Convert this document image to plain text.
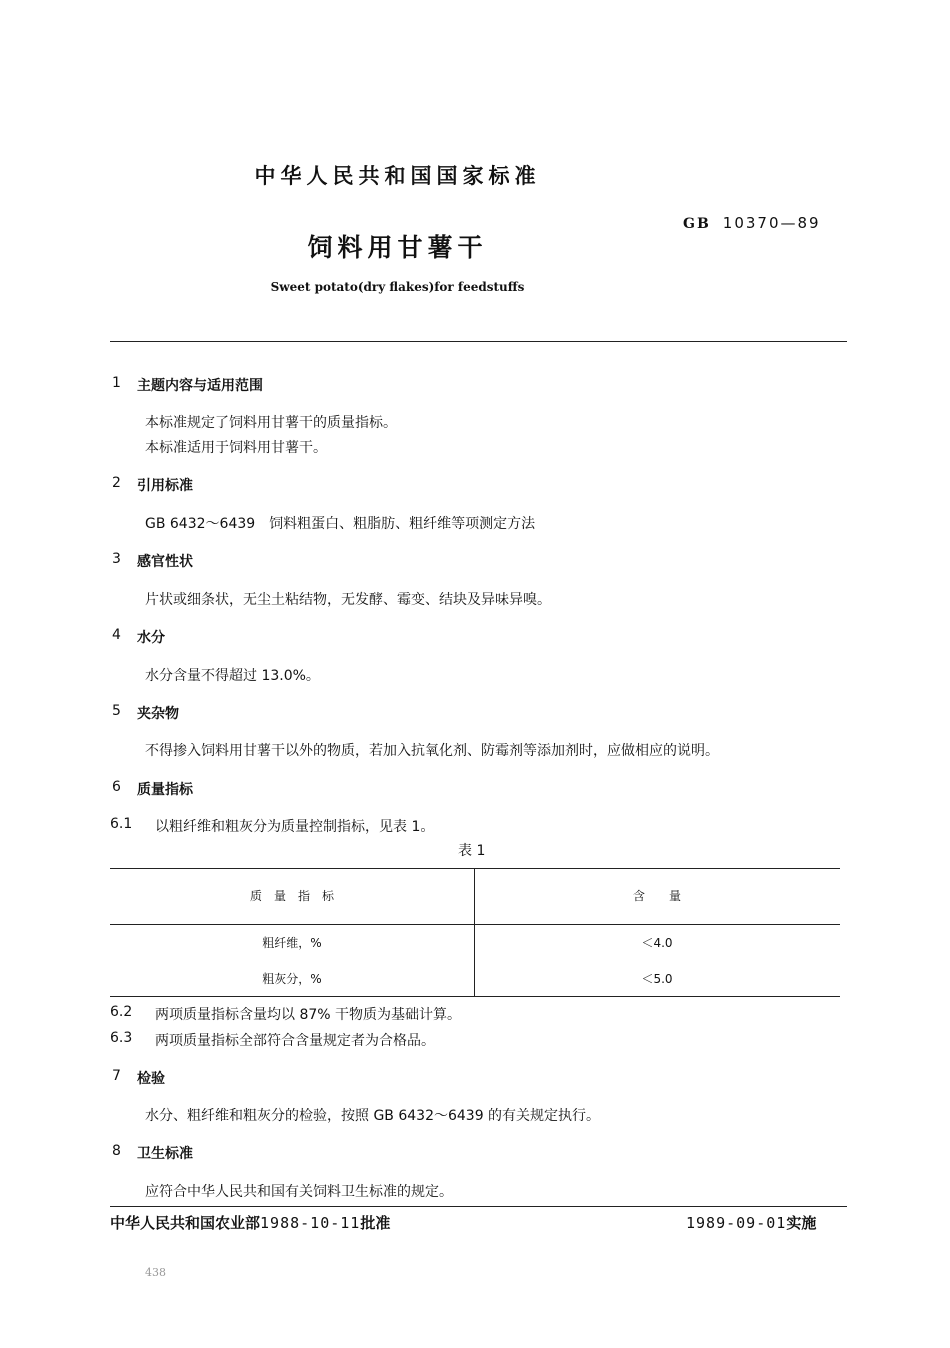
中华人民共和国国家标准
GB 10370—89
饲料用甘薯干
Sweet potato(dry flakes)for feedstuffs
1 主题内容与适用范围
本标准规定了饲料用甘薯干的质量指标。
本标准适用于饲料用甘薯干。
2 引用标准
GB 6432～6439　饲料粗蛋白、粗脂肪、粗纤维等项测定方法
3 感官性状
片状或细条状，无尘土粘结物，无发酵、霉变、结块及异味异嗅。
4 水分
水分含量不得超过 13.0%。
5 夹杂物
不得掺入饲料用甘薯干以外的物质，若加入抗氧化剂、防霉剂等添加剂时，应做相应的说明。
6 质量指标
6.1 以粗纤维和粗灰分为质量控制指标，见表 1。
表 1
质　量　指　标	含　　量
粗纤维，%	＜4.0
粗灰分，%	＜5.0
6.2 两项质量指标含量均以 87% 干物质为基础计算。
6.3 两项质量指标全部符合含量规定者为合格品。
7 检验
水分、粗纤维和粗灰分的检验，按照 GB 6432～6439 的有关规定执行。
8 卫生标准
应符合中华人民共和国有关饲料卫生标准的规定。
中华人民共和国农业部1988-10-11批准	1989-09-01实施
438
